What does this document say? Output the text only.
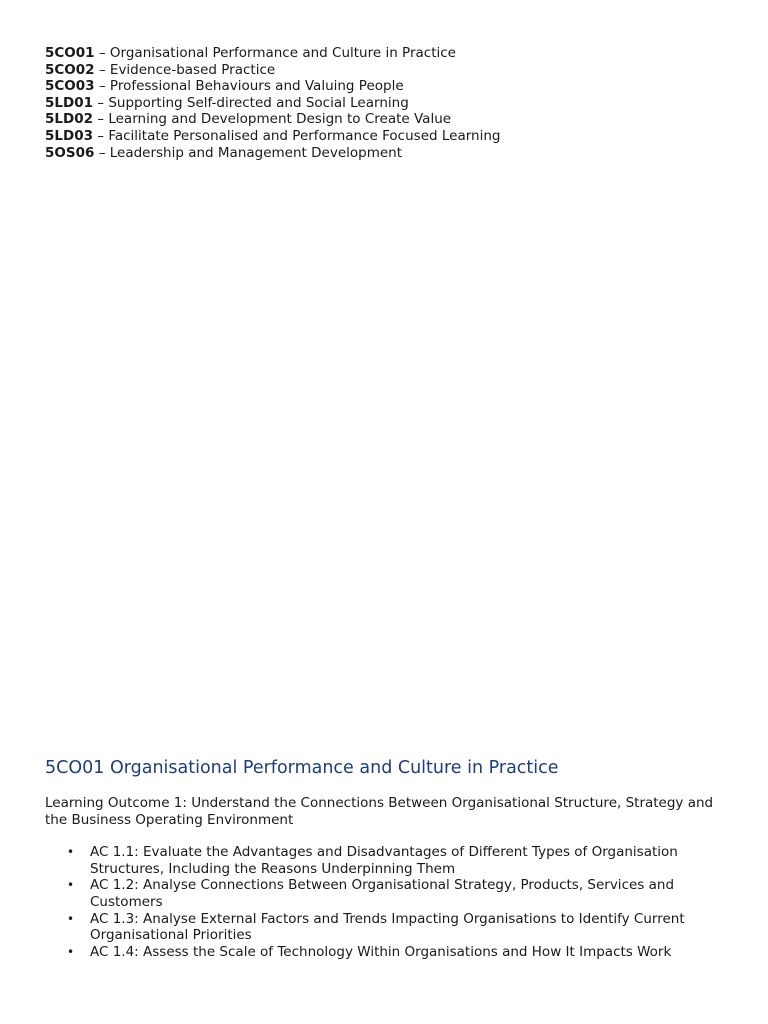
5CO01 – Organisational Performance and Culture in Practice
5CO02 – Evidence-based Practice
5CO03 – Professional Behaviours and Valuing People
5LD01 – Supporting Self-directed and Social Learning
5LD02 – Learning and Development Design to Create Value
5LD03 – Facilitate Personalised and Performance Focused Learning
5OS06 – Leadership and Management Development
5CO01 Organisational Performance and Culture in Practice

Learning Outcome 1: Understand the Connections Between Organisational Structure, Strategy and the Business Operating Environment

• AC 1.1: Evaluate the Advantages and Disadvantages of Different Types of Organisation Structures, Including the Reasons Underpinning Them
• AC 1.2: Analyse Connections Between Organisational Strategy, Products, Services and Customers
• AC 1.3: Analyse External Factors and Trends Impacting Organisations to Identify Current Organisational Priorities
• AC 1.4: Assess the Scale of Technology Within Organisations and How It Impacts Work
